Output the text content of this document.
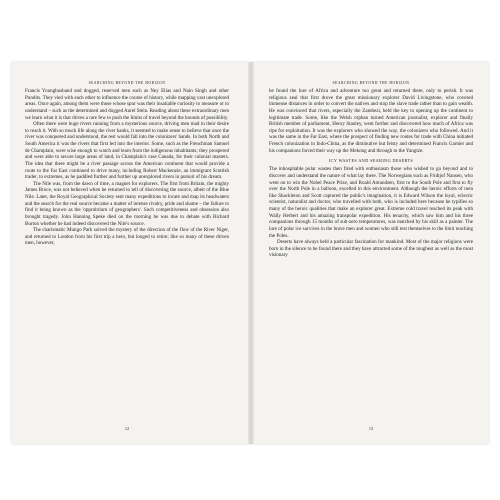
SEARCHING BEYOND THE HORIZON

Francis Younghusband and dogged, reserved men such as Ney Elias and Nain Singh and other Pundits. They vied with each other to influence the course of history, while mapping vast unexplored areas. Once again, among them were those whose spur was their insatiable curiosity to measure or to understand – such as the determined and dogged Aurel Stein. Reading about these extraordinary men we learn what it is that drives a rare few to push the limits of travel beyond the bounds of possibility.

Often there were huge rivers running from a mysterious source, driving men mad in their desire to reach it. With so much life along the river banks, it seemed to make sense to believe that once the river was conquered and understood, the rest would fall into the colonizers' hands. In both North and South America it was the rivers that first led into the interior. Some, such as the Frenchman Samuel de Champlain, were wise enough to watch and learn from the indigenous inhabitants; they prospered and were able to secure large areas of land, in Champlain's case Canada, for their colonial masters. The idea that there might be a river passage across the American continent that would provide a route to the Far East continued to drive many, including Robert Mackenzie, an immigrant Scottish trader, to extremes, as he paddled further and further up unexplored rivers in pursuit of his dream.

The Nile was, from the dawn of time, a magnet for explorers. The first from Britain, the mighty James Bruce, was not believed when he returned to tell of discovering the source, albeit of the Blue Nile. Later, the Royal Geographical Society sent many expeditions to locate and map its headwaters and the search for the real source became a matter of intense rivalry, pride and shame – the failure to find it being known as the 'opprobrium of geographers'. Such competitiveness and obsession also brought tragedy. John Hanning Speke died on the morning he was due to debate with Richard Burton whether he had indeed discovered the Nile's source.

The charismatic Mungo Park solved the mystery of the direction of the flow of the River Niger, and returned to London from his first trip a hero, but longed to retire; like so many of these driven men, however,

12
SEARCHING BEYOND THE HORIZON

he found the lure of Africa and adventure too great and returned there, only to perish. It was religious zeal that first drove the great missionary explorer David Livingstone, who covered immense distances in order to convert the natives and stop the slave trade rather than to gain wealth. He was convinced that rivers, especially the Zambezi, held the key to opening up the continent to legitimate trade. Some, like the Welsh orphan turned American journalist, explorer and finally British member of parliament, Henry Stanley, went further and discovered how much of Africa was ripe for exploitation. It was the explorers who showed the way, the colonizers who followed. And it was the same in the Far East, where the prospect of finding new routes for trade with China initiated French colonization in Indo-China, as the diminutive but feisty and determined Francis Garnier and his companions forced their way up the Mekong and through to the Yangtze.

ICY WASTES AND SEARING DESERTS

The inhospitable polar wastes then fired with enthusiasm those who wished to go beyond and to discover and understand the nature of what lay there. The Norwegians such as Fridtjof Nansen, who went on to win the Nobel Peace Prize, and Roald Amundsen, first to the South Pole and first to fly over the North Pole in a balloon, excelled in this environment. Although the heroic efforts of men like Shackleton and Scott captured the public's imagination, it is Edward Wilson the loyal, eclectic scientist, naturalist and doctor, who travelled with both, who is included here because he typifies so many of the heroic qualities that make an explorer great. Extreme cold travel reached its peak with Wally Herbert and his amazing transpolar expedition. His tenacity, which saw him and his three companions through 15 months of sub-zero temperatures, was matched by his skill as a painter. The lure of polar ice survives in the brave men and women who still test themselves to the limit reaching the Poles.

Deserts have always held a particular fascination for mankind. Most of the major religions were born in the silence to be found there and they have attracted some of the toughest as well as the most visionary

13
